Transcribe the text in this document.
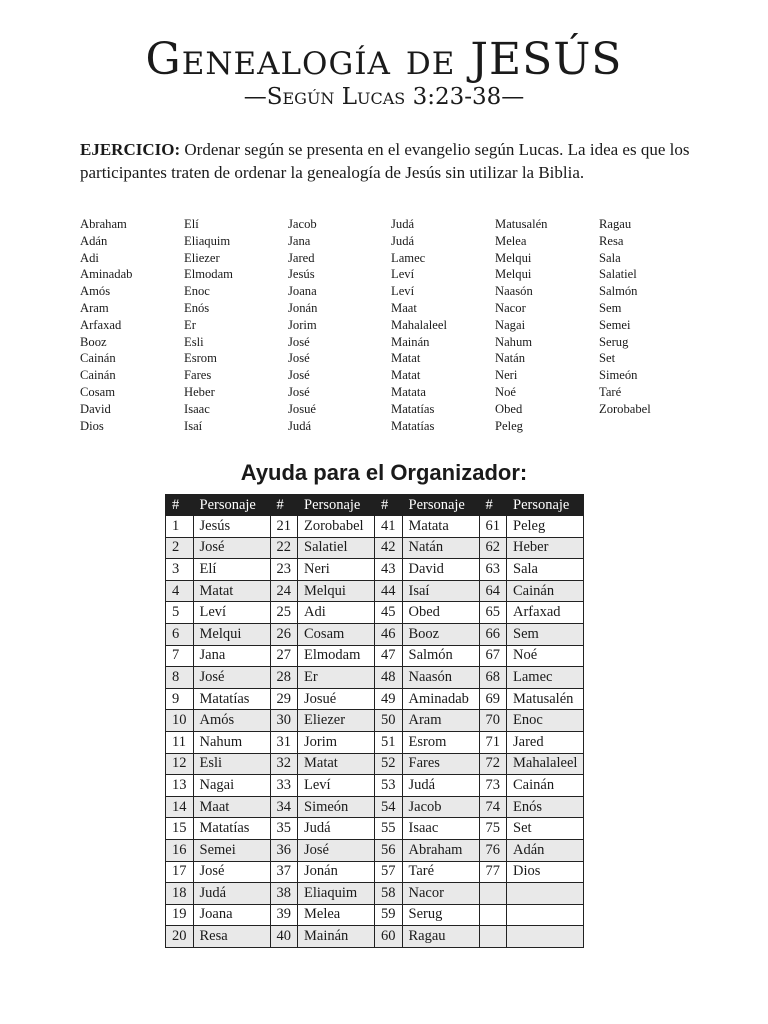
Genealogía de JESÚS
—Según Lucas 3:23-38—
EJERCICIO: Ordenar según se presenta en el evangelio según Lucas. La idea es que los participantes traten de ordenar la genealogía de Jesús sin utilizar la Biblia.
Abraham
Adán
Adi
Aminadab
Amós
Aram
Arfaxad
Booz
Cainán
Cainán
Cosam
David
Dios
Elí
Eliaquim
Eliezer
Elmodam
Enoc
Enós
Er
Esli
Esrom
Fares
Heber
Isaac
Isaí
Jacob
Jana
Jared
Jesús
Joana
Jonán
Jorim
José
José
José
José
Josué
Judá
Judá
Judá
Lamec
Leví
Leví
Maat
Mahalaleel
Mainán
Matat
Matat
Matata
Matatías
Matatías
Matusalén
Melea
Melqui
Melqui
Naasón
Nacor
Nagai
Nahum
Natán
Neri
Noé
Obed
Peleg
Ragau
Resa
Sala
Salatiel
Salmón
Sem
Semei
Serug
Set
Simeón
Taré
Zorobabel
Ayuda para el Organizador:
#	Personaje	#	Personaje	#	Personaje	#	Personaje
1	Jesús	21	Zorobabel	41	Matata	61	Peleg
2	José	22	Salatiel	42	Natán	62	Heber
3	Elí	23	Neri	43	David	63	Sala
4	Matat	24	Melqui	44	Isaí	64	Cainán
5	Leví	25	Adi	45	Obed	65	Arfaxad
6	Melqui	26	Cosam	46	Booz	66	Sem
7	Jana	27	Elmodam	47	Salmón	67	Noé
8	José	28	Er	48	Naasón	68	Lamec
9	Matatías	29	Josué	49	Aminadab	69	Matusalén
10	Amós	30	Eliezer	50	Aram	70	Enoc
11	Nahum	31	Jorim	51	Esrom	71	Jared
12	Esli	32	Matat	52	Fares	72	Mahalaleel
13	Nagai	33	Leví	53	Judá	73	Cainán
14	Maat	34	Simeón	54	Jacob	74	Enós
15	Matatías	35	Judá	55	Isaac	75	Set
16	Semei	36	José	56	Abraham	76	Adán
17	José	37	Jonán	57	Taré	77	Dios
18	Judá	38	Eliaquim	58	Nacor		
19	Joana	39	Melea	59	Serug		
20	Resa	40	Mainán	60	Ragau		
